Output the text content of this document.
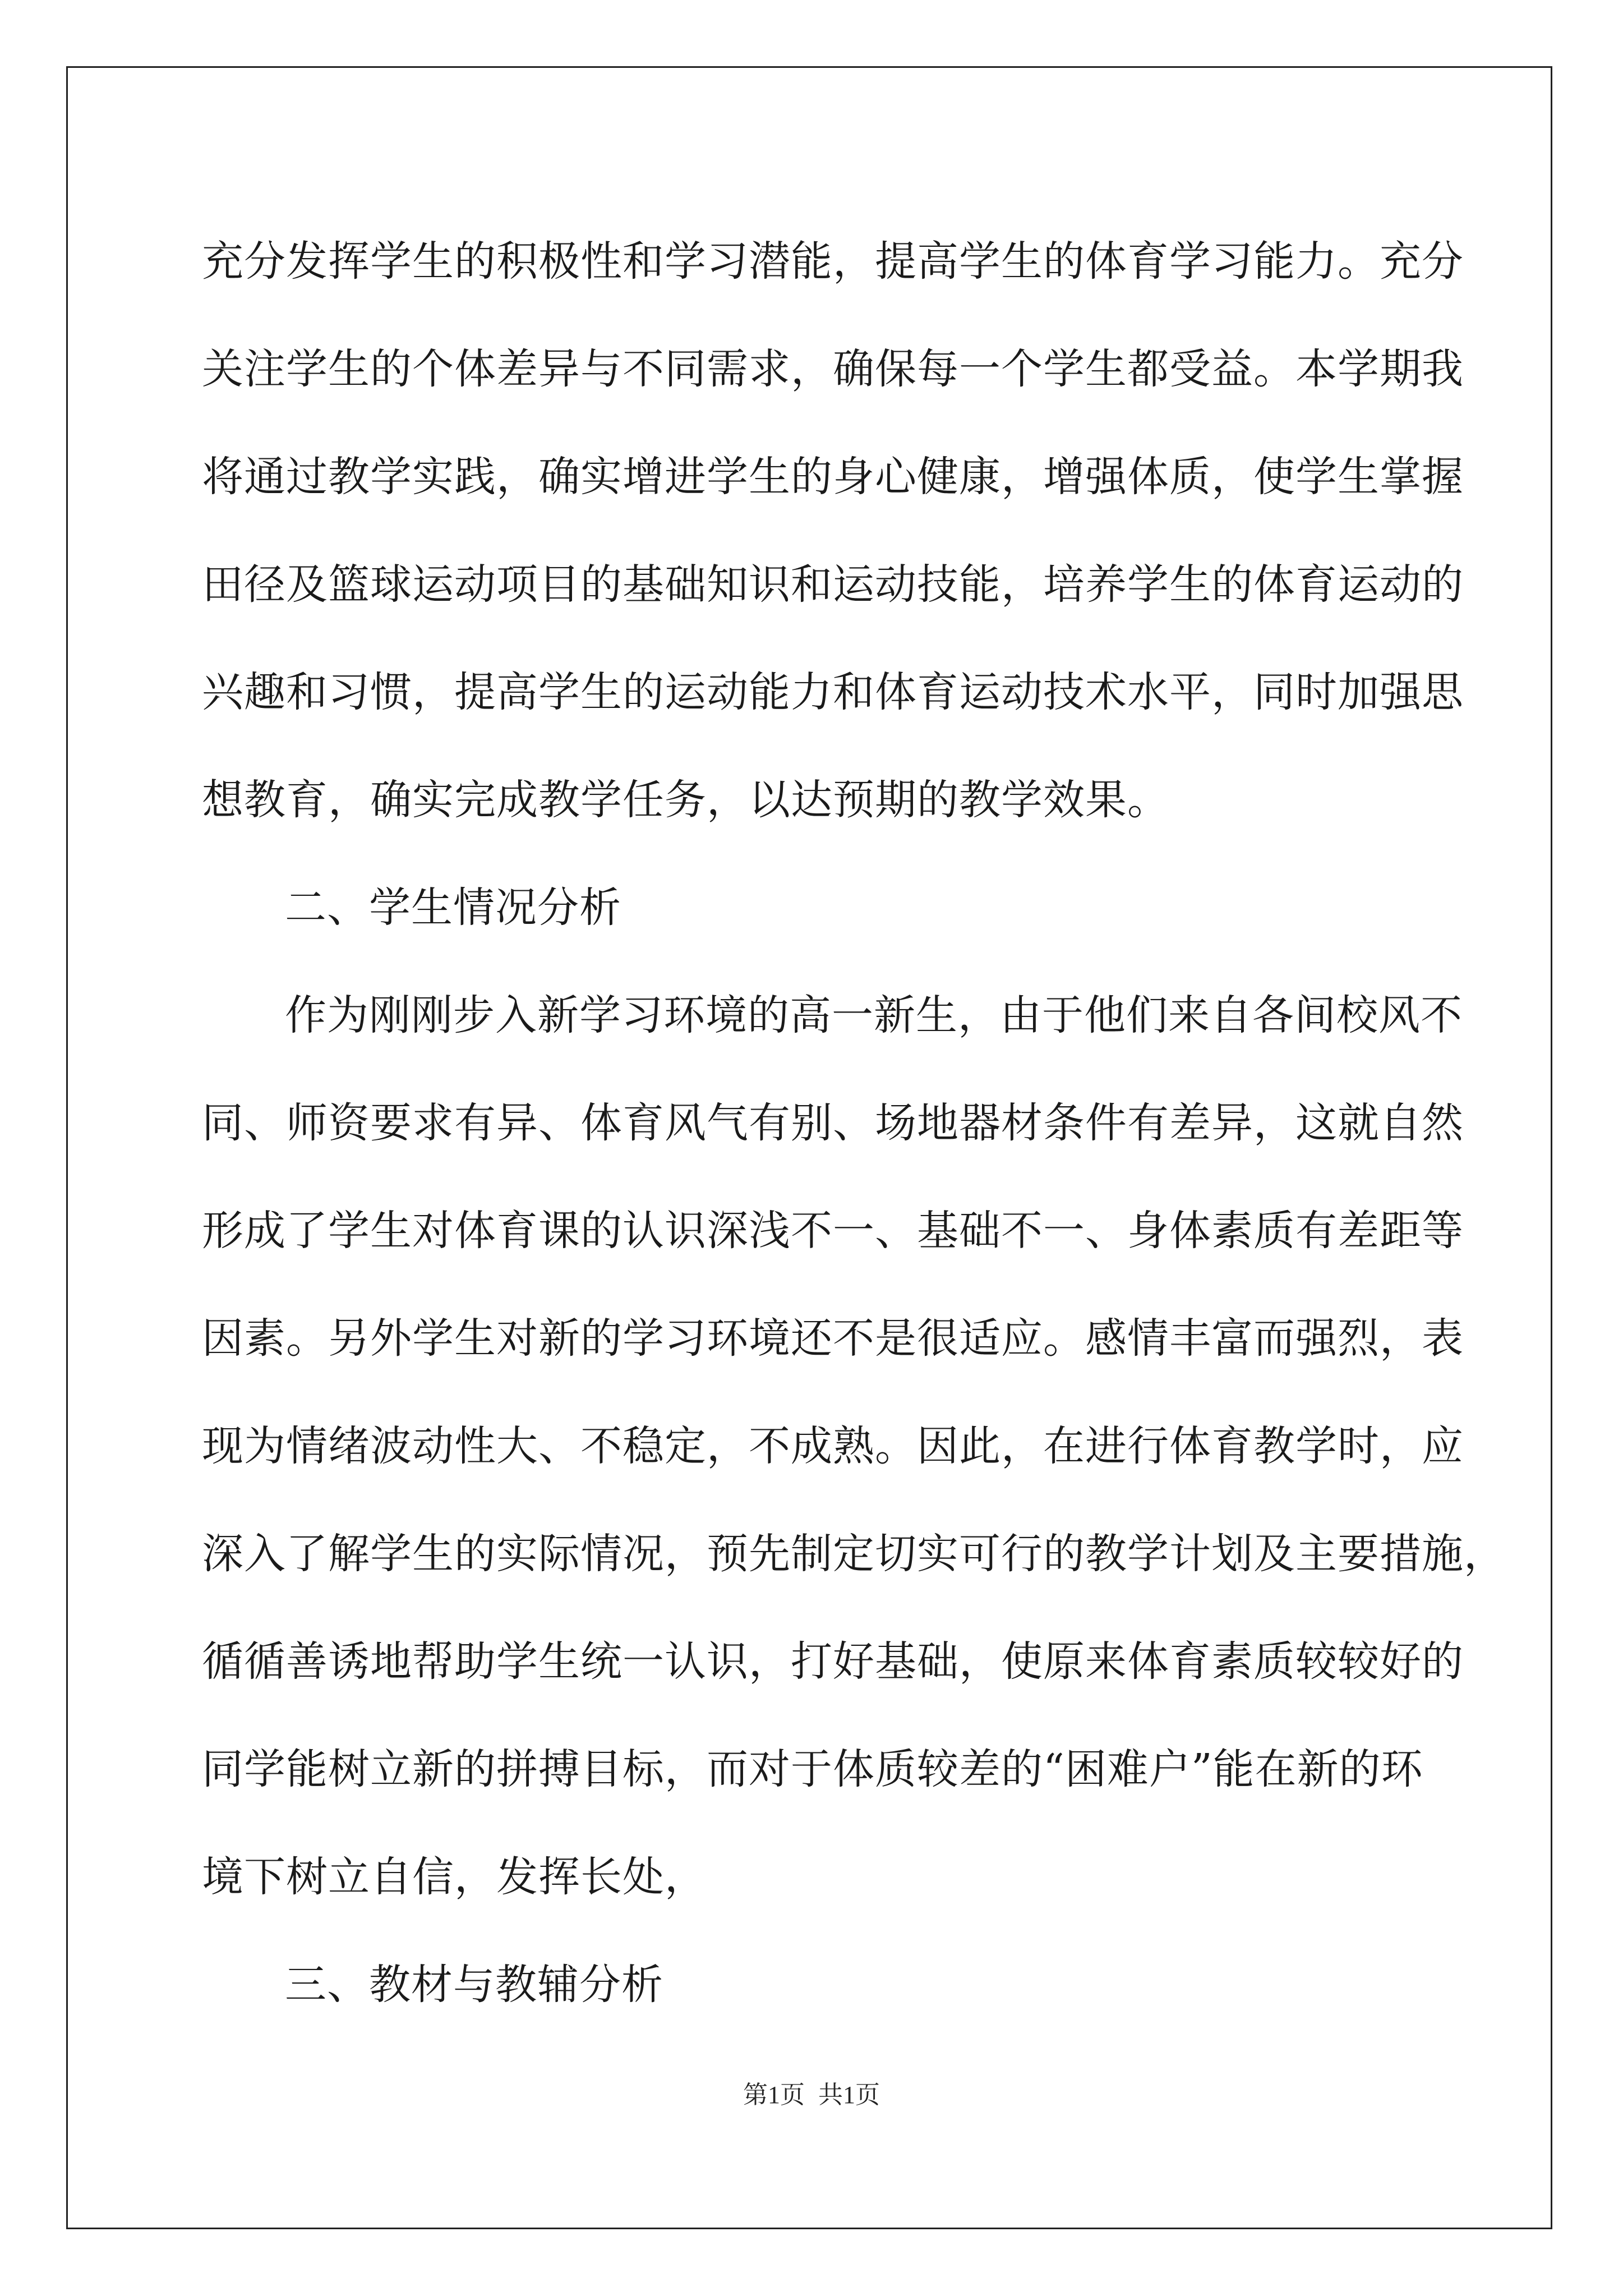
充分发挥学生的积极性和学习潜能，提高学生的体育学习能力。充分
关注学生的个体差异与不同需求，确保每一个学生都受益。本学期我
将通过教学实践，确实增进学生的身心健康，增强体质，使学生掌握
田径及篮球运动项目的基础知识和运动技能，培养学生的体育运动的
兴趣和习惯，提高学生的运动能力和体育运动技术水平，同时加强思
想教育，确实完成教学任务，以达预期的教学效果。
二、学生情况分析
作为刚刚步入新学习环境的高一新生，由于他们来自各间校风不
同、师资要求有异、体育风气有别、场地器材条件有差异，这就自然
形成了学生对体育课的认识深浅不一、基础不一、身体素质有差距等
因素。另外学生对新的学习环境还不是很适应。感情丰富而强烈，表
现为情绪波动性大、不稳定，不成熟。因此，在进行体育教学时，应
深入了解学生的实际情况，预先制定切实可行的教学计划及主要措施，
循循善诱地帮助学生统一认识，打好基础，使原来体育素质较较好的
同学能树立新的拼搏目标，而对于体质较差的“困难户”能在新的环
境下树立自信，发挥长处，
三、教材与教辅分析
第1页 共1页
